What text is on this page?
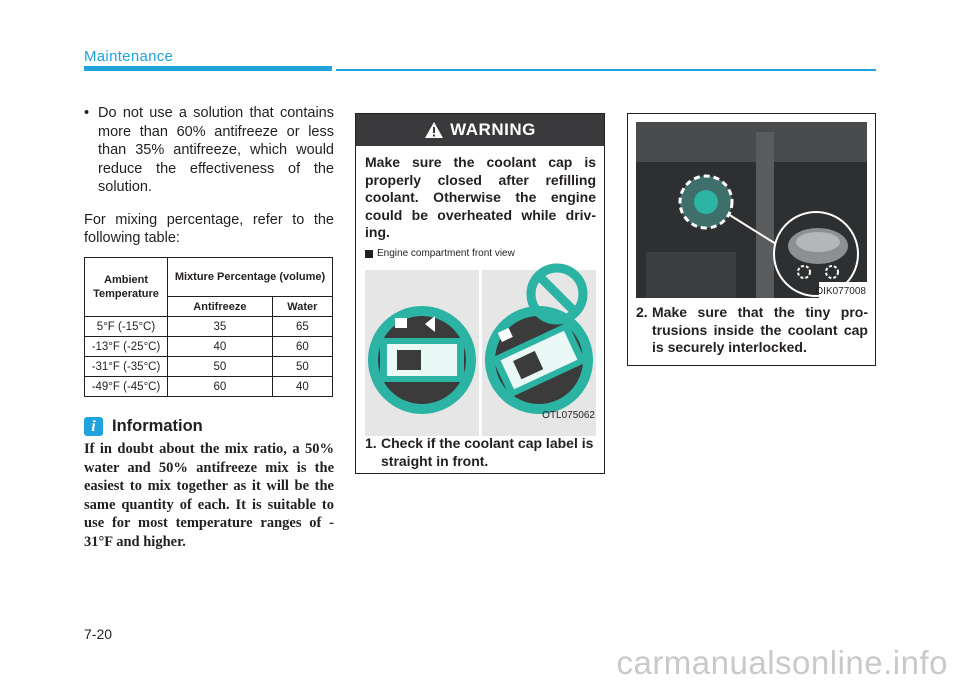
Maintenance
• Do not use a solution that contains more than 60% antifreeze or less than 35% antifreeze, which would reduce the effectiveness of the solution.
For mixing percentage, refer to the following table:
Ambient Temperature	Mixture Percentage (volume)	
	Antifreeze	Water
5°F (-15°C)	35	65
-13°F (-25°C)	40	60
-31°F (-35°C)	50	50
-49°F (-45°C)	60	40
i Information
If in doubt about the mix ratio, a 50% water and 50% antifreeze mix is the easiest to mix together as it will be the same quantity of each. It is suitable to use for most temperature ranges of - 31°F and higher.
WARNING
Make sure the coolant cap is properly closed after refilling coolant. Otherwise the engine could be overheated while driv-ing.
Engine compartment front view
OTL075062
1. Check if the coolant cap label is straight in front.
OIK077008
2. Make sure that the tiny pro-trusions inside the coolant cap is securely interlocked.
7-20
carmanualsonline.info
